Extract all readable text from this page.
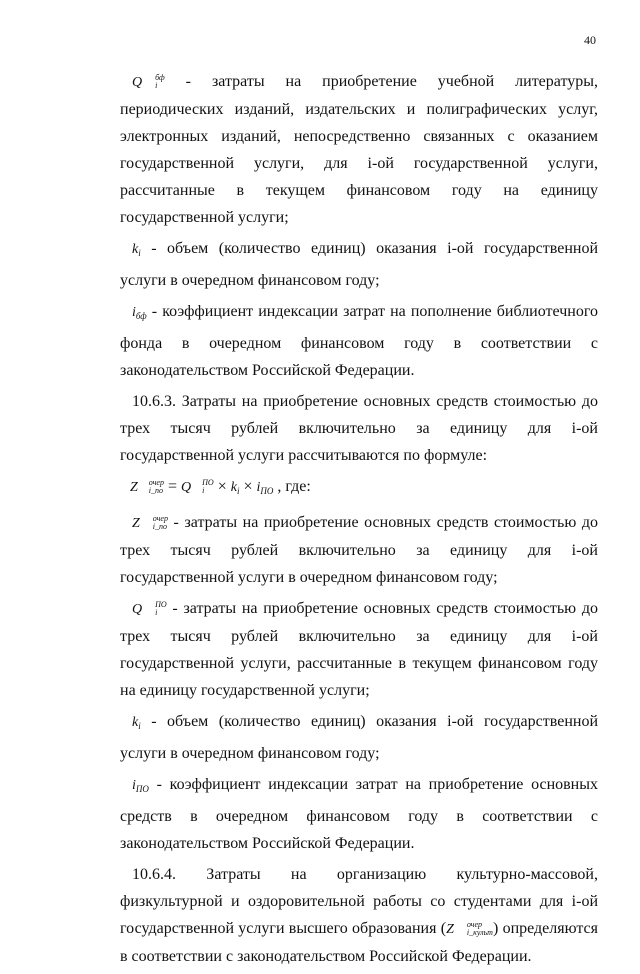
40

Q	бф
i - затраты на приобретение учебной литературы, периодических изданий, издательских и полиграфических услуг, электронных изданий, непосредственно связанных с оказанием государственной услуги, для i-ой государственной услуги, рассчитанные в текущем финансовом году на единицу государственной услуги;

$k_i$ - объем (количество единиц) оказания i-ой государственной услуги в очередном финансовом году;

$i_{бф}$ - коэффициент индексации затрат на пополнение библиотечного фонда в очередном финансовом году в соответствии с законодательством Российской Федерации.

10.6.3. Затраты на приобретение основных средств стоимостью до трех тысяч рублей включительно за единицу для i-ой государственной услуги рассчитываются по формуле:

Z	очер
i_по = Q	ПО
$i \times k_i \times i_{ПО}$ , где:

Z	очер
i_по - затраты на приобретение основных средств стоимостью до трех тысяч рублей включительно за единицу для i-ой государственной услуги в очередном финансовом году;

Q	ПО
i - затраты на приобретение основных средств стоимостью до трех тысяч рублей включительно за единицу для i-ой государственной услуги, рассчитанные в текущем финансовом году на единицу государственной услуги;

$k_i$ - объем (количество единиц) оказания i-ой государственной услуги в очередном финансовом году;

$i_{ПО}$ - коэффициент индексации затрат на приобретение основных средств в очередном финансовом году в соответствии с законодательством Российской Федерации.

10.6.4. Затраты на организацию культурно-массовой, физкультурной и оздоровительной работы со студентами для i-ой государственной услуги высшего образования (Z	очер
i_культ ) определяются в соответствии с законодательством Российской Федерации.
